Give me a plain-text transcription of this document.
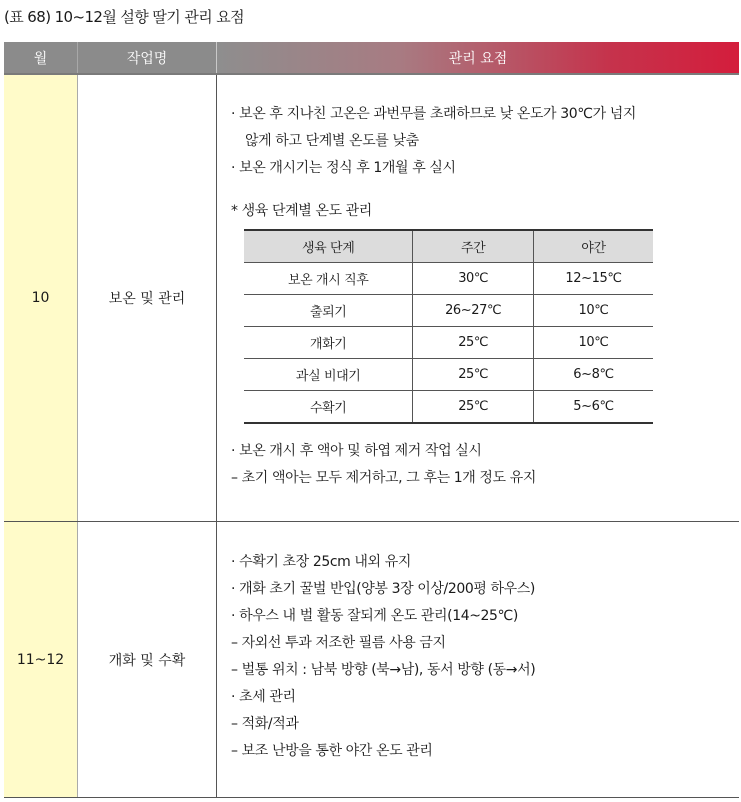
(표 68) 10~12월 설향 딸기 관리 요점
월	작업명	관리 요점
10	보온 및 관리
· 보온 후 지나친 고온은 과번무를 초래하므로 낮 온도가 30℃가 넘지
않게 하고 단계별 온도를 낮춤
· 보온 개시기는 정식 후 1개월 후 실시
* 생육 단계별 온도 관리
생육 단계	주간	야간
보온 개시 직후	30℃	12~15℃
출뢰기	26~27℃	10℃
개화기	25℃	10℃
과실 비대기	25℃	6~8℃
수확기	25℃	5~6℃
· 보온 개시 후 액아 및 하엽 제거 작업 실시
– 초기 액아는 모두 제거하고, 그 후는 1개 정도 유지
11~12	개화 및 수확
· 수확기 초장 25cm 내외 유지
· 개화 초기 꿀벌 반입(양봉 3장 이상/200평 하우스)
· 하우스 내 벌 활동 잘되게 온도 관리(14~25℃)
– 자외선 투과 저조한 필름 사용 금지
– 벌통 위치 : 남북 방향 (북→남), 동서 방향 (동→서)
· 초세 관리
– 적화/적과
– 보조 난방을 통한 야간 온도 관리
